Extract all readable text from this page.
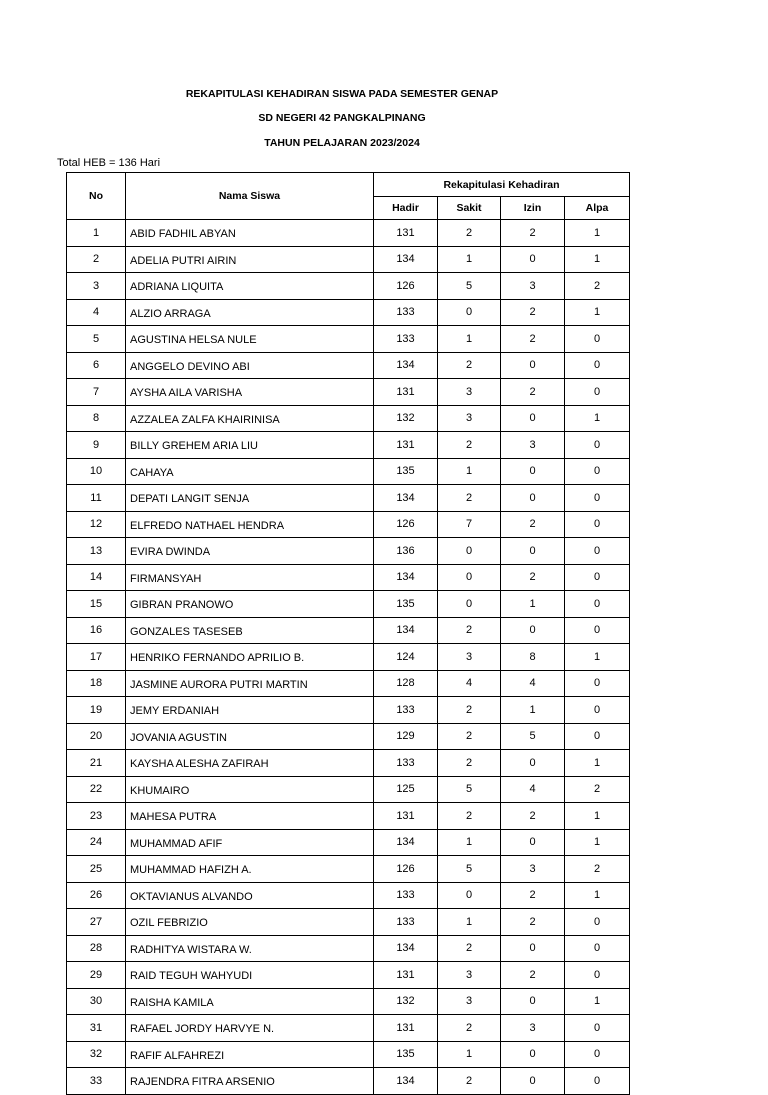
REKAPITULASI KEHADIRAN SISWA PADA SEMESTER GENAP
SD NEGERI 42 PANGKALPINANG
TAHUN PELAJARAN 2023/2024
Total HEB = 136 Hari
No	Nama Siswa	Rekapitulasi Kehadiran			
		Hadir	Sakit	Izin	Alpa
1	ABID FADHIL ABYAN	131	2	2	1
2	ADELIA PUTRI AIRIN	134	1	0	1
3	ADRIANA LIQUITA	126	5	3	2
4	ALZIO ARRAGA	133	0	2	1
5	AGUSTINA HELSA NULE	133	1	2	0
6	ANGGELO DEVINO ABI	134	2	0	0
7	AYSHA AILA VARISHA	131	3	2	0
8	AZZALEA ZALFA KHAIRINISA	132	3	0	1
9	BILLY GREHEM ARIA LIU	131	2	3	0
10	CAHAYA	135	1	0	0
11	DEPATI LANGIT SENJA	134	2	0	0
12	ELFREDO NATHAEL HENDRA	126	7	2	0
13	EVIRA DWINDA	136	0	0	0
14	FIRMANSYAH	134	0	2	0
15	GIBRAN PRANOWO	135	0	1	0
16	GONZALES TASESEB	134	2	0	0
17	HENRIKO FERNANDO APRILIO B.	124	3	8	1
18	JASMINE AURORA PUTRI MARTIN	128	4	4	0
19	JEMY ERDANIAH	133	2	1	0
20	JOVANIA AGUSTIN	129	2	5	0
21	KAYSHA ALESHA ZAFIRAH	133	2	0	1
22	KHUMAIRO	125	5	4	2
23	MAHESA PUTRA	131	2	2	1
24	MUHAMMAD AFIF	134	1	0	1
25	MUHAMMAD HAFIZH A.	126	5	3	2
26	OKTAVIANUS ALVANDO	133	0	2	1
27	OZIL FEBRIZIO	133	1	2	0
28	RADHITYA WISTARA W.	134	2	0	0
29	RAID TEGUH WAHYUDI	131	3	2	0
30	RAISHA KAMILA	132	3	0	1
31	RAFAEL JORDY HARVYE N.	131	2	3	0
32	RAFIF ALFAHREZI	135	1	0	0
33	RAJENDRA FITRA ARSENIO	134	2	0	0
